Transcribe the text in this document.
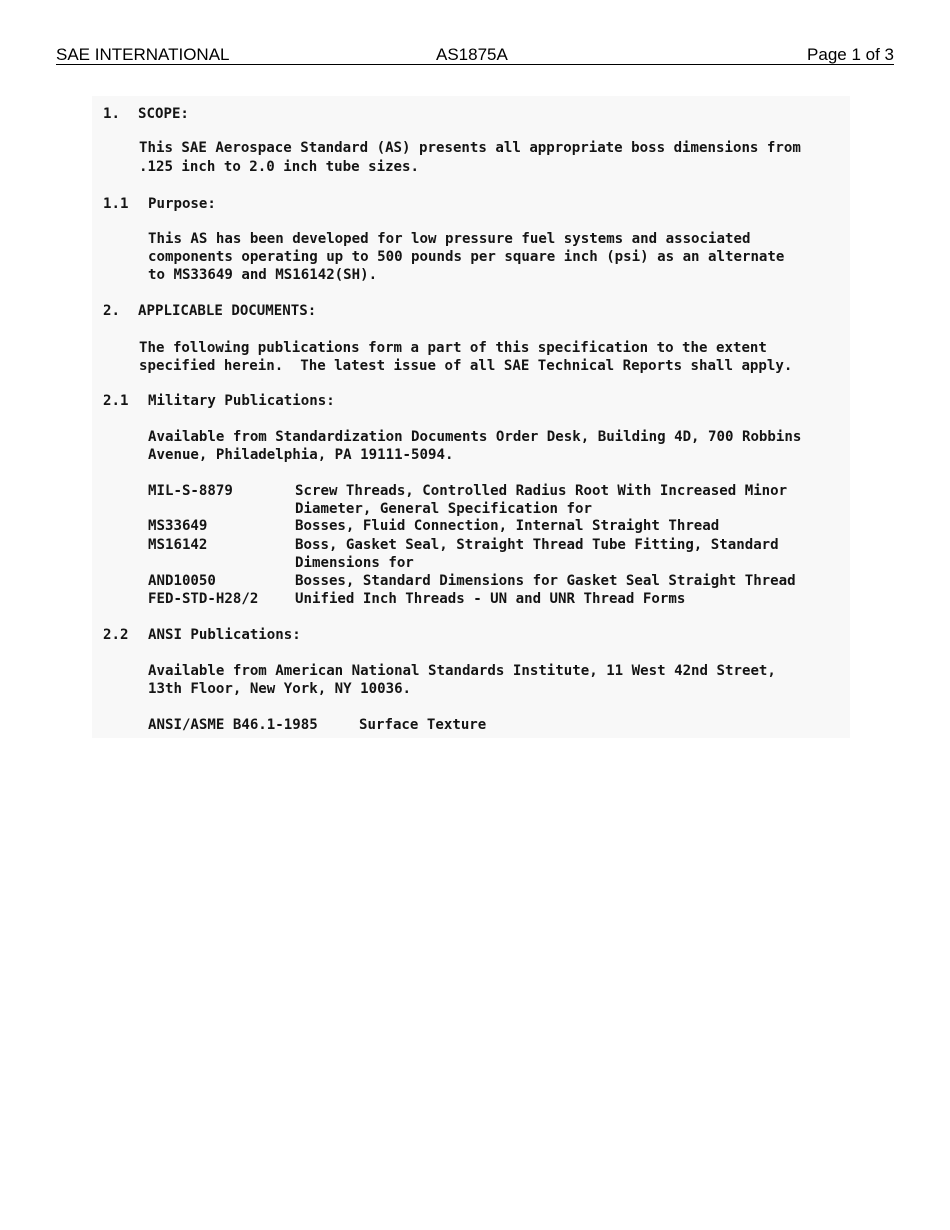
SAE INTERNATIONAL	AS1875A	Page 1 of 3
1. SCOPE:
This SAE Aerospace Standard (AS) presents all appropriate boss dimensions from
.125 inch to 2.0 inch tube sizes.
1.1 Purpose:
This AS has been developed for low pressure fuel systems and associated
components operating up to 500 pounds per square inch (psi) as an alternate
to MS33649 and MS16142(SH).
2. APPLICABLE DOCUMENTS:
The following publications form a part of this specification to the extent
specified herein.  The latest issue of all SAE Technical Reports shall apply.
2.1 Military Publications:
Available from Standardization Documents Order Desk, Building 4D, 700 Robbins
Avenue, Philadelphia, PA 19111-5094.
MIL-S-8879	Screw Threads, Controlled Radius Root With Increased Minor
Diameter, General Specification for
MS33649	Bosses, Fluid Connection, Internal Straight Thread
MS16142	Boss, Gasket Seal, Straight Thread Tube Fitting, Standard
Dimensions for
AND10050	Bosses, Standard Dimensions for Gasket Seal Straight Thread
FED-STD-H28/2	Unified Inch Threads - UN and UNR Thread Forms
2.2 ANSI Publications:
Available from American National Standards Institute, 11 West 42nd Street,
13th Floor, New York, NY 10036.
ANSI/ASME B46.1-1985	Surface Texture
